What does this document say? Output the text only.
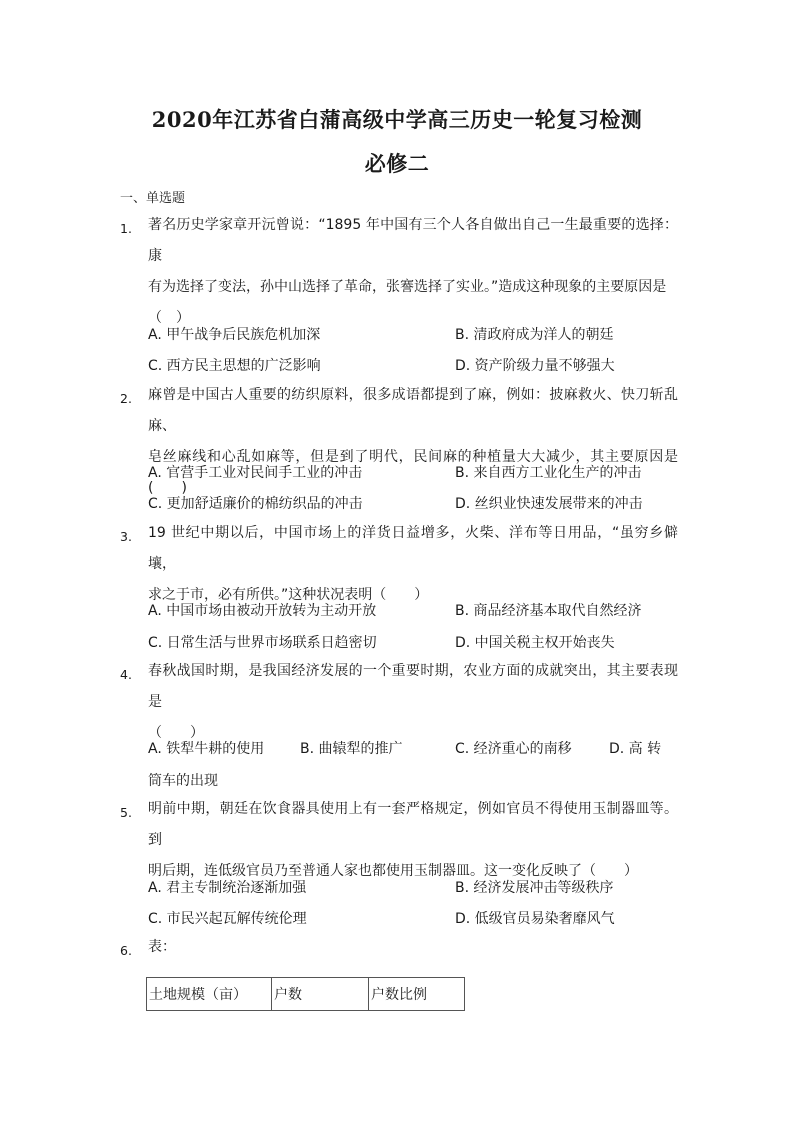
2020年江苏省白蒲高级中学高三历史一轮复习检测
必修二
一、单选题
1. 著名历史学家章开沅曾说：“1895 年中国有三个人各自做出自己一生最重要的选择：康
有为选择了变法，孙中山选择了革命，张謇选择了实业。”造成这种现象的主要原因是
（　）
A. 甲午战争后民族危机加深	B. 清政府成为洋人的朝廷
C. 西方民主思想的广泛影响	D. 资产阶级力量不够强大
2. 麻曾是中国古人重要的纺织原料，很多成语都提到了麻，例如：披麻救火、快刀斩乱麻、
皂丝麻线和心乱如麻等，但是到了明代，民间麻的种植量大大减少，其主要原因是(　　)
A. 官营手工业对民间手工业的冲击	B. 来自西方工业化生产的冲击
C. 更加舒适廉价的棉纺织品的冲击	D. 丝织业快速发展带来的冲击
3. 19 世纪中期以后，中国市场上的洋货日益增多，火柴、洋布等日用品，“虽穷乡僻壤，
求之于市，必有所供。”这种状况表明（　　）
A. 中国市场由被动开放转为主动开放	B. 商品经济基本取代自然经济
C. 日常生活与世界市场联系日趋密切	D. 中国关税主权开始丧失
4. 春秋战国时期，是我国经济发展的一个重要时期，农业方面的成就突出，其主要表现是
（　　）
A. 铁犁牛耕的使用	B. 曲辕犁的推广	C. 经济重心的南移	D. 高 转
筒车的出现
5. 明前中期，朝廷在饮食器具使用上有一套严格规定，例如官员不得使用玉制器皿等。到
明后期，连低级官员乃至普通人家也都使用玉制器皿。这一变化反映了（　　）
A. 君主专制统治逐渐加强	B. 经济发展冲击等级秩序
C. 市民兴起瓦解传统伦理	D. 低级官员易染奢靡风气
6. 表：
土地规模（亩）	户数	户数比例
